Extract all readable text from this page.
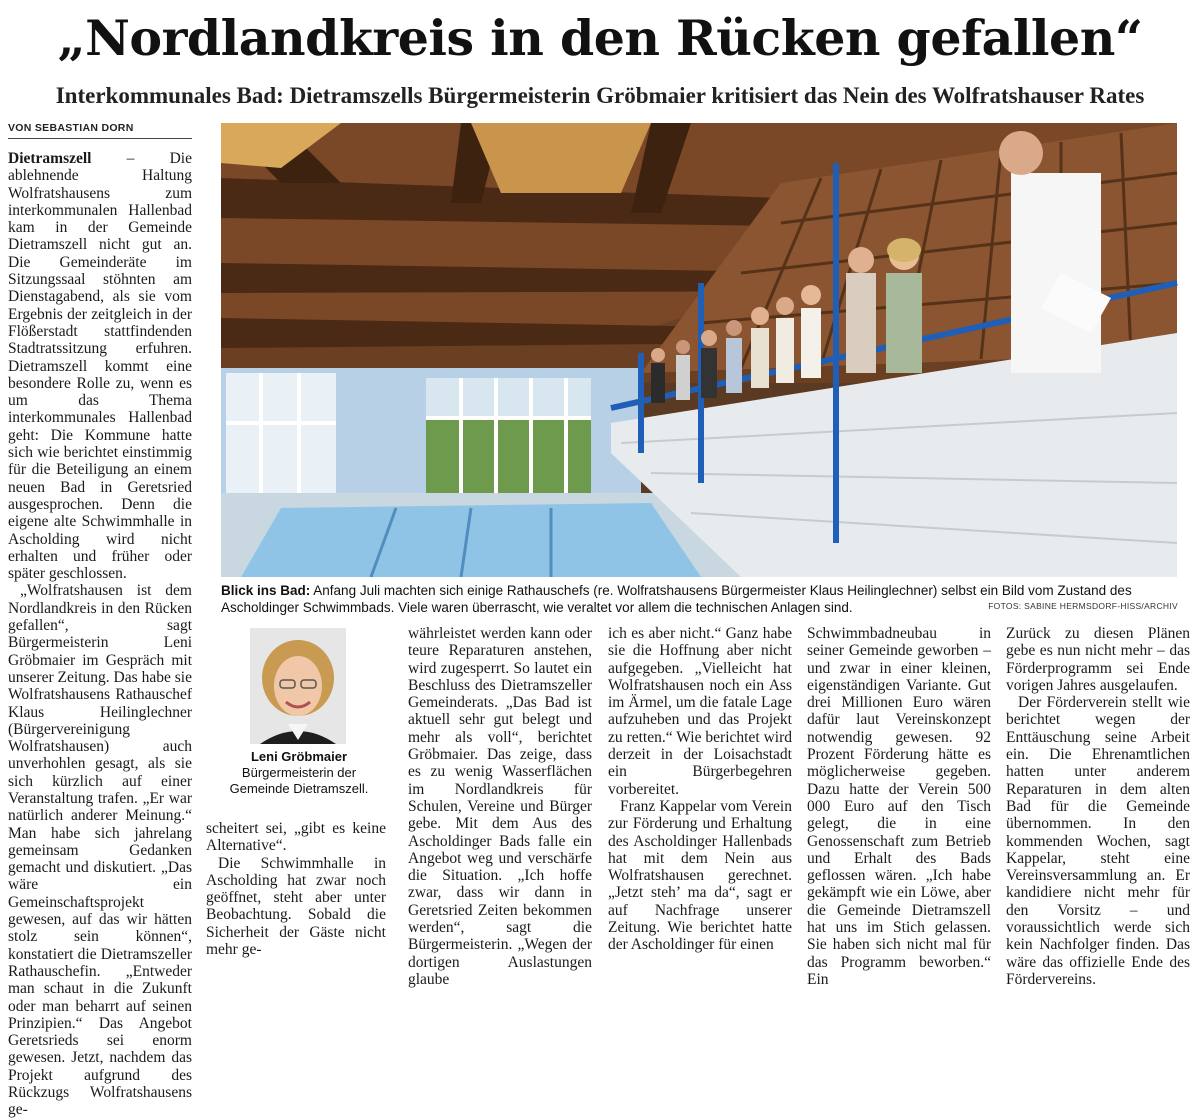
„Nordlandkreis in den Rücken gefallen“
Interkommunales Bad: Dietramszells Bürgermeisterin Gröbmaier kritisiert das Nein des Wolfratshauser Rates
VON SEBASTIAN DORN

Dietramszell – Die ablehnende Haltung Wolfratshausens zum interkommunalen Hallenbad kam in der Gemeinde Dietramszell nicht gut an. Die Gemeinderäte im Sitzungssaal stöhnten am Dienstagabend, als sie vom Ergebnis der zeitgleich in der Flößerstadt stattfindenden Stadtratssitzung erfuhren. Dietramszell kommt eine besondere Rolle zu, wenn es um das Thema interkommunales Hallenbad geht: Die Kommune hatte sich wie berichtet einstimmig für die Beteiligung an einem neuen Bad in Geretsried ausgesprochen. Denn die eigene alte Schwimmhalle in Ascholding wird nicht erhalten und früher oder später geschlossen.

„Wolfratshausen ist dem Nordlandkreis in den Rücken gefallen“, sagt Bürgermeisterin Leni Gröbmaier im Gespräch mit unserer Zeitung. Das habe sie Wolfratshausens Rathauschef Klaus Heilinglechner (Bürgervereinigung Wolfratshausen) auch unverhohlen gesagt, als sie sich kürzlich auf einer Veranstaltung trafen. „Er war natürlich anderer Meinung.“ Man habe sich jahrelang gemeinsam Gedanken gemacht und diskutiert. „Das wäre ein Gemeinschaftsprojekt gewesen, auf das wir hätten stolz sein können“, konstatiert die Dietramszeller Rathauschefin. „Entweder man schaut in die Zukunft oder man beharrt auf seinen Prinzipien.“ Das Angebot Geretsrieds sei enorm gewesen. Jetzt, nachdem das Projekt aufgrund des Rückzugs Wolfratshausens ge-

Blick ins Bad: Anfang Juli machten sich einige Rathauschefs (re. Wolfratshausens Bürgermeister Klaus Heilinglechner) selbst ein Bild vom Zustand des Ascholdinger Schwimmbads. Viele waren überrascht, wie veraltet vor allem die technischen Anlagen sind.	FOTOS: SABINE HERMSDORF-HISS/ARCHIV
Leni Gröbmaier
Bürgermeisterin der Gemeinde Dietramszell.

scheitert sei, „gibt es keine Alternative“.

Die Schwimmhalle in Ascholding hat zwar noch geöffnet, steht aber unter Beobachtung. Sobald die Sicherheit der Gäste nicht mehr ge-

währleistet werden kann oder teure Reparaturen anstehen, wird zugesperrt. So lautet ein Beschluss des Dietramszeller Gemeinderats. „Das Bad ist aktuell sehr gut belegt und mehr als voll“, berichtet Gröbmaier. Das zeige, dass es zu wenig Wasserflächen im Nordlandkreis für Schulen, Vereine und Bürger gebe. Mit dem Aus des Ascholdinger Bads falle ein Angebot weg und verschärfe die Situation. „Ich hoffe zwar, dass wir dann in Geretsried Zeiten bekommen werden“, sagt die Bürgermeisterin. „Wegen der dortigen Auslastungen glaube

ich es aber nicht.“ Ganz habe sie die Hoffnung aber nicht aufgegeben. „Vielleicht hat Wolfratshausen noch ein Ass im Ärmel, um die fatale Lage aufzuheben und das Projekt zu retten.“ Wie berichtet wird derzeit in der Loisachstadt ein Bürgerbegehren vorbereitet.

Franz Kappelar vom Verein zur Förderung und Erhaltung des Ascholdinger Hallenbads hat mit dem Nein aus Wolfratshausen gerechnet. „Jetzt steh’ ma da“, sagt er auf Nachfrage unserer Zeitung. Wie berichtet hatte der Ascholdinger für einen

Schwimmbadneubau in seiner Gemeinde geworben – und zwar in einer kleinen, eigenständigen Variante. Gut drei Millionen Euro wären dafür laut Vereinskonzept notwendig gewesen. 92 Prozent Förderung hätte es möglicherweise gegeben. Dazu hatte der Verein 500 000 Euro auf den Tisch gelegt, die in eine Genossenschaft zum Betrieb und Erhalt des Bads geflossen wären. „Ich habe gekämpft wie ein Löwe, aber die Gemeinde Dietramszell hat uns im Stich gelassen. Sie haben sich nicht mal für das Programm beworben.“ Ein

Zurück zu diesen Plänen gebe es nun nicht mehr – das Förderprogramm sei Ende vorigen Jahres ausgelaufen.

Der Förderverein stellt wie berichtet wegen der Enttäuschung seine Arbeit ein. Die Ehrenamtlichen hatten unter anderem Reparaturen in dem alten Bad für die Gemeinde übernommen. In den kommenden Wochen, sagt Kappelar, steht eine Vereinsversammlung an. Er kandidiere nicht mehr für den Vorsitz – und voraussichtlich werde sich kein Nachfolger finden. Das wäre das offizielle Ende des Fördervereins.
